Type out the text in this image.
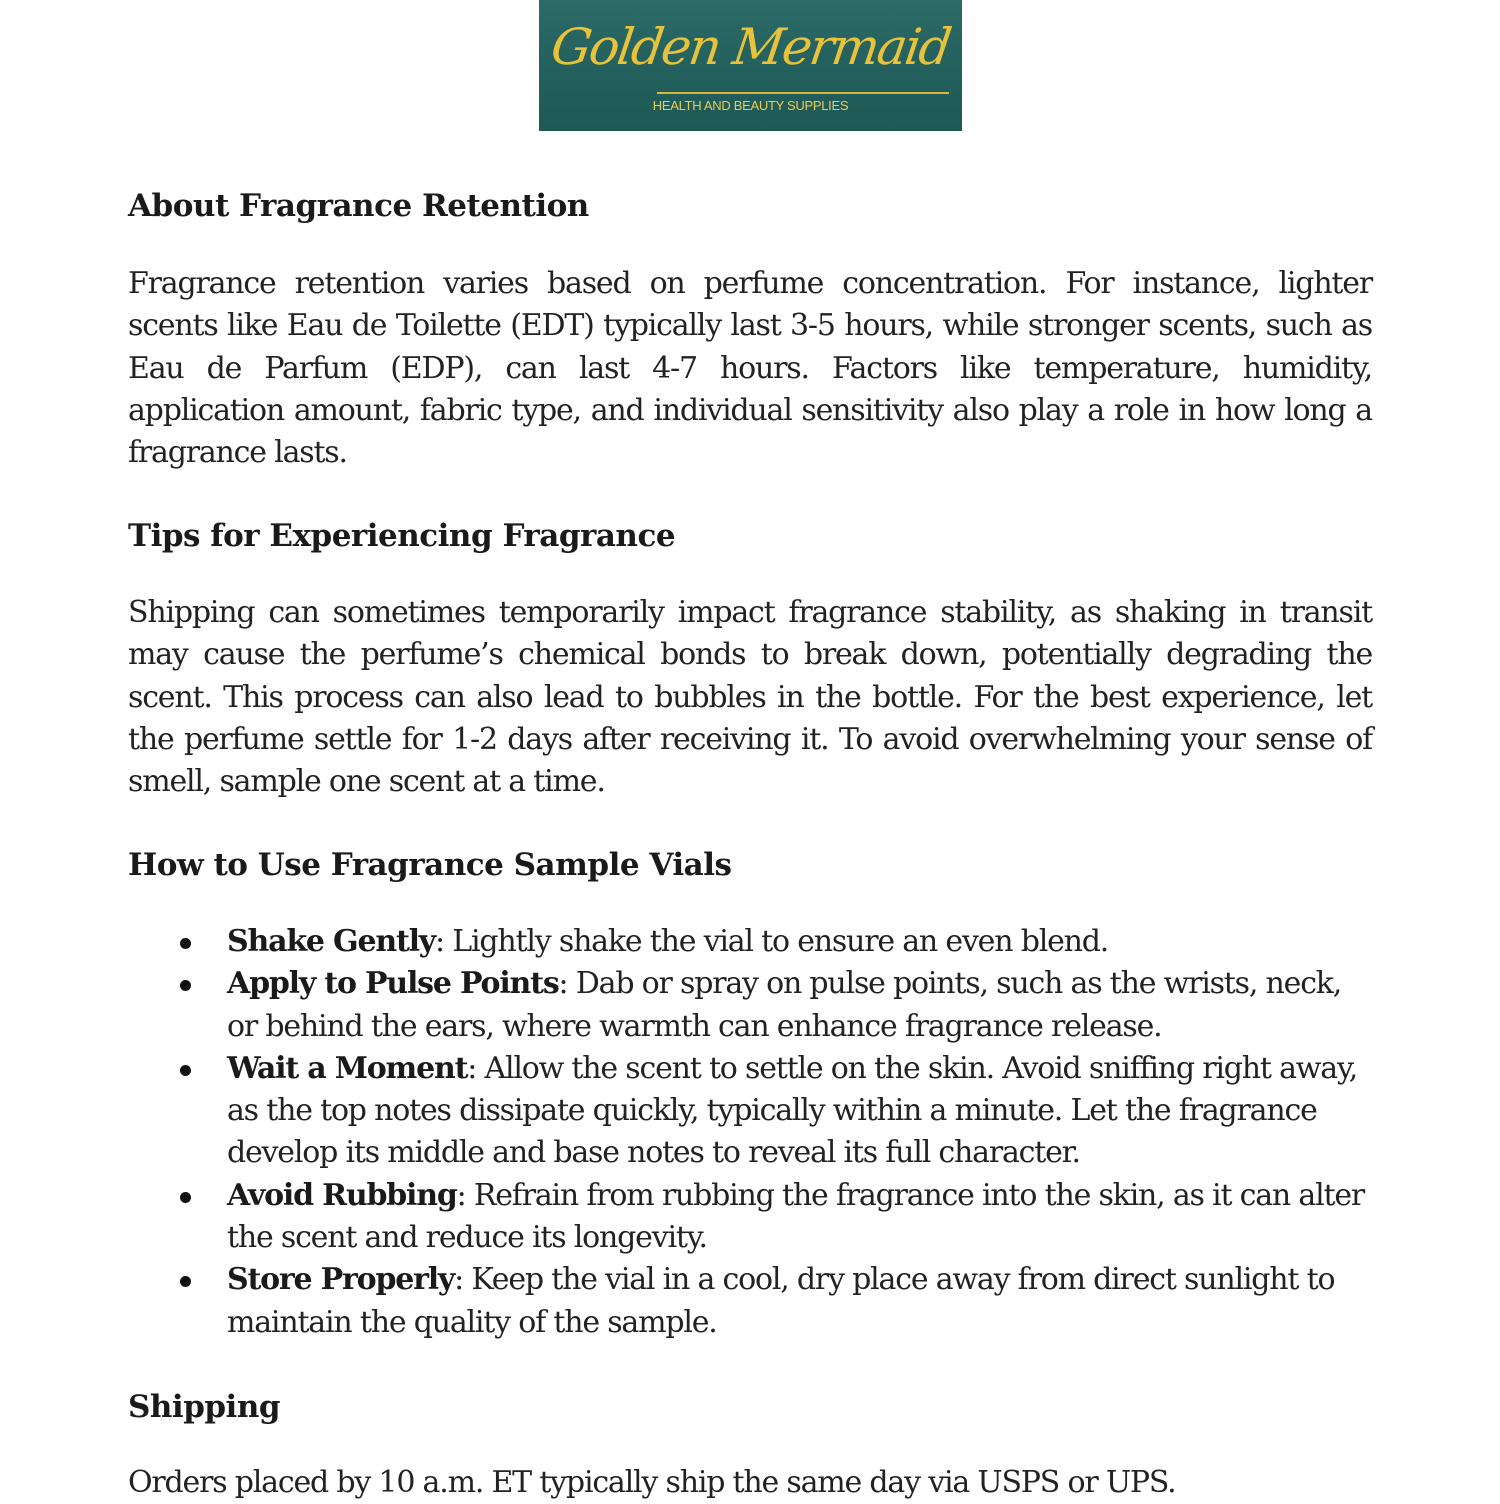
Golden Mermaid
HEALTH AND BEAUTY SUPPLIES
About Fragrance Retention

Fragrance retention varies based on perfume concentration. For instance, lighter scents like Eau de Toilette (EDT) typically last 3-5 hours, while stronger scents, such as Eau de Parfum (EDP), can last 4-7 hours. Factors like temperature, humidity, application amount, fabric type, and individual sensitivity also play a role in how long a fragrance lasts.

Tips for Experiencing Fragrance

Shipping can sometimes temporarily impact fragrance stability, as shaking in transit may cause the perfume’s chemical bonds to break down, potentially degrading the scent. This process can also lead to bubbles in the bottle. For the best experience, let the perfume settle for 1-2 days after receiving it. To avoid overwhelming your sense of smell, sample one scent at a time.

How to Use Fragrance Sample Vials
Shake Gently: Lightly shake the vial to ensure an even blend.
Apply to Pulse Points: Dab or spray on pulse points, such as the wrists, neck, or behind the ears, where warmth can enhance fragrance release.
Wait a Moment: Allow the scent to settle on the skin. Avoid sniffing right away, as the top notes dissipate quickly, typically within a minute. Let the fragrance develop its middle and base notes to reveal its full character.
Avoid Rubbing: Refrain from rubbing the fragrance into the skin, as it can alter the scent and reduce its longevity.
Store Properly: Keep the vial in a cool, dry place away from direct sunlight to maintain the quality of the sample.
Shipping

Orders placed by 10 a.m. ET typically ship the same day via USPS or UPS.
